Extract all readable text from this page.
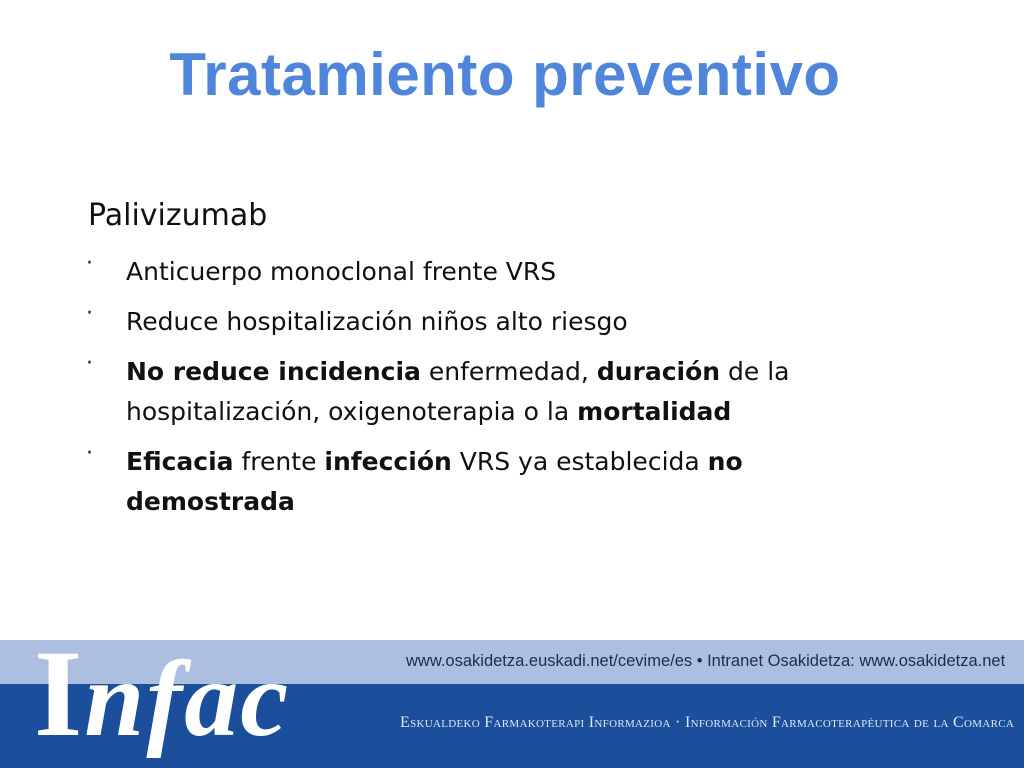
Tratamiento preventivo
Palivizumab
· Anticuerpo monoclonal frente VRS
· Reduce hospitalización niños alto riesgo
· No reduce incidencia enfermedad, duración de la hospitalización, oxigenoterapia o la mortalidad
· Eficacia frente infección VRS ya establecida no demostrada
www.osakidetza.euskadi.net/cevime/es • Intranet Osakidetza: www.osakidetza.net
Eskualdeko Farmakoterapi Informazioa · Información Farmacoterapéutica de la Comarca
Infac
